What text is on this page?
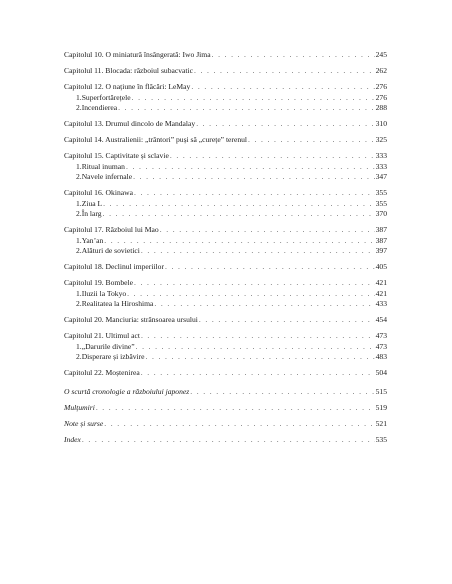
Capitolul 10. O miniatură însângerată: Iwo Jima . . .	245
Capitolul 11. Blocada: războiul subacvatic . . .	262
Capitolul 12. O națiune în flăcări: LeMay . . .	276
1. Superfortărețele . . .	276
2. Incendierea . . .	288
Capitolul 13. Drumul dincolo de Mandalay . . .	310
Capitolul 14. Australienii: „trântori” puși să „curețe” terenul . . .	325
Capitolul 15. Captivitate și sclavie . . .	333
1. Ritual inuman . . .	333
2. Navele infernale . . .	347
Capitolul 16. Okinawa . . .	355
1. Ziua L . . .	355
2. În larg . . .	370
Capitolul 17. Războiul lui Mao . . .	387
1. Yan’an . . .	387
2. Alături de sovietici . . .	397
Capitolul 18. Declinul imperiilor . . .	405
Capitolul 19. Bombele . . .	421
1. Iluzii la Tokyo . . .	421
2. Realitatea la Hiroshima . . .	433
Capitolul 20. Manciuria: strânsoarea ursului . . .	454
Capitolul 21. Ultimul act . . .	473
1. „Darurile divine” . . .	473
2. Disperare și izbăvire . . .	483
Capitolul 22. Moștenirea . . .	504
O scurtă cronologie a războiului japonez . . .	515
Mulțumiri . . .	519
Note și surse . . .	521
Index . . .	535
